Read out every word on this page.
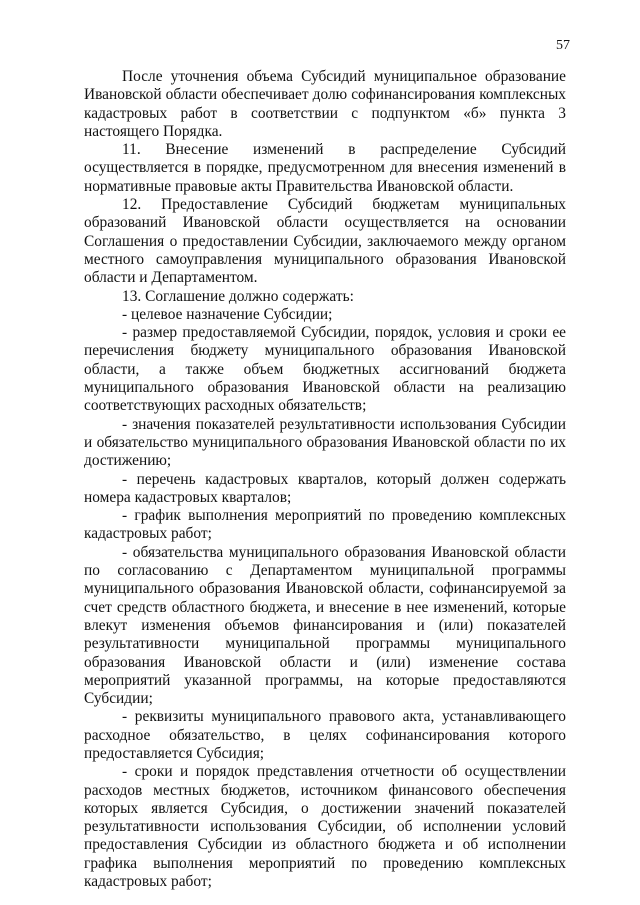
57

После уточнения объема Субсидий муниципальное образование Ивановской области обеспечивает долю софинансирования комплексных кадастровых работ в соответствии с подпунктом «б» пункта 3 настоящего Порядка.

11. Внесение изменений в распределение Субсидий осуществляется в порядке, предусмотренном для внесения изменений в нормативные правовые акты Правительства Ивановской области.

12. Предоставление Субсидий бюджетам муниципальных образований Ивановской области осуществляется на основании Соглашения о предоставлении Субсидии, заключаемого между органом местного самоуправления муниципального образования Ивановской области и Департаментом.

13. Соглашение должно содержать:

- целевое назначение Субсидии;

- размер предоставляемой Субсидии, порядок, условия и сроки ее перечисления бюджету муниципального образования Ивановской области, а также объем бюджетных ассигнований бюджета муниципального образования Ивановской области на реализацию соответствующих расходных обязательств;

- значения показателей результативности использования Субсидии и обязательство муниципального образования Ивановской области по их достижению;

- перечень кадастровых кварталов, который должен содержать номера кадастровых кварталов;

- график выполнения мероприятий по проведению комплексных кадастровых работ;

- обязательства муниципального образования Ивановской области по согласованию с Департаментом муниципальной программы муниципального образования Ивановской области, софинансируемой за счет средств областного бюджета, и внесение в нее изменений, которые влекут изменения объемов финансирования и (или) показателей результативности муниципальной программы муниципального образования Ивановской области и (или) изменение состава мероприятий указанной программы, на которые предоставляются Субсидии;

- реквизиты муниципального правового акта, устанавливающего расходное обязательство, в целях софинансирования которого предоставляется Субсидия;

- сроки и порядок представления отчетности об осуществлении расходов местных бюджетов, источником финансового обеспечения которых является Субсидия, о достижении значений показателей результативности использования Субсидии, об исполнении условий предоставления Субсидии из областного бюджета и об исполнении графика выполнения мероприятий по проведению комплексных кадастровых работ;
